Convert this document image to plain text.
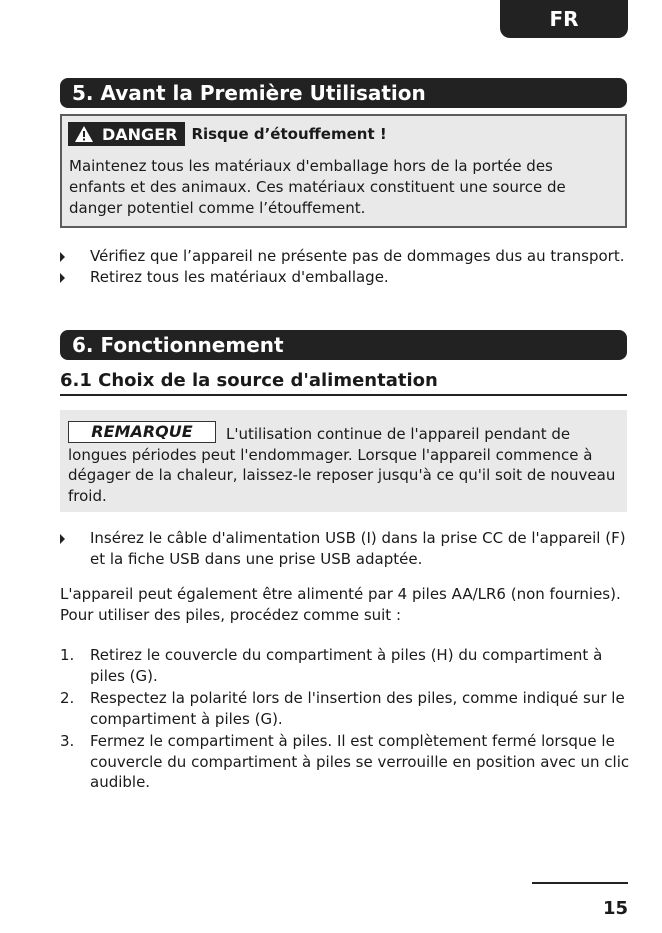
FR
5. Avant la Première Utilisation
DANGER Risque d’étouffement !

Maintenez tous les matériaux d'emballage hors de la portée des enfants et des animaux. Ces matériaux constituent une source de danger potentiel comme l’étouffement.

Vérifiez que l’appareil ne présente pas de dommages dus au transport.
Retirez tous les matériaux d'emballage.
6. Fonctionnement
6.1 Choix de la source d'alimentation

L'utilisation continue de l'appareil pendant de longues périodes peut l'endommager. Lorsque l'appareil commence à dégager de la chaleur, laissez-le reposer jusqu'à ce qu'il soit de nouveau froid.

REMARQUE
Insérez le câble d'alimentation USB (I) dans la prise CC de l'appareil (F) et la fiche USB dans une prise USB adaptée.

L'appareil peut également être alimenté par 4 piles AA/LR6 (non fournies). Pour utiliser des piles, procédez comme suit :

1. Retirez le couvercle du compartiment à piles (H) du compartiment à piles (G).
2. Respectez la polarité lors de l'insertion des piles, comme indiqué sur le compartiment à piles (G).
3. Fermez le compartiment à piles. Il est complètement fermé lorsque le couvercle du compartiment à piles se verrouille en position avec un clic audible.
15
